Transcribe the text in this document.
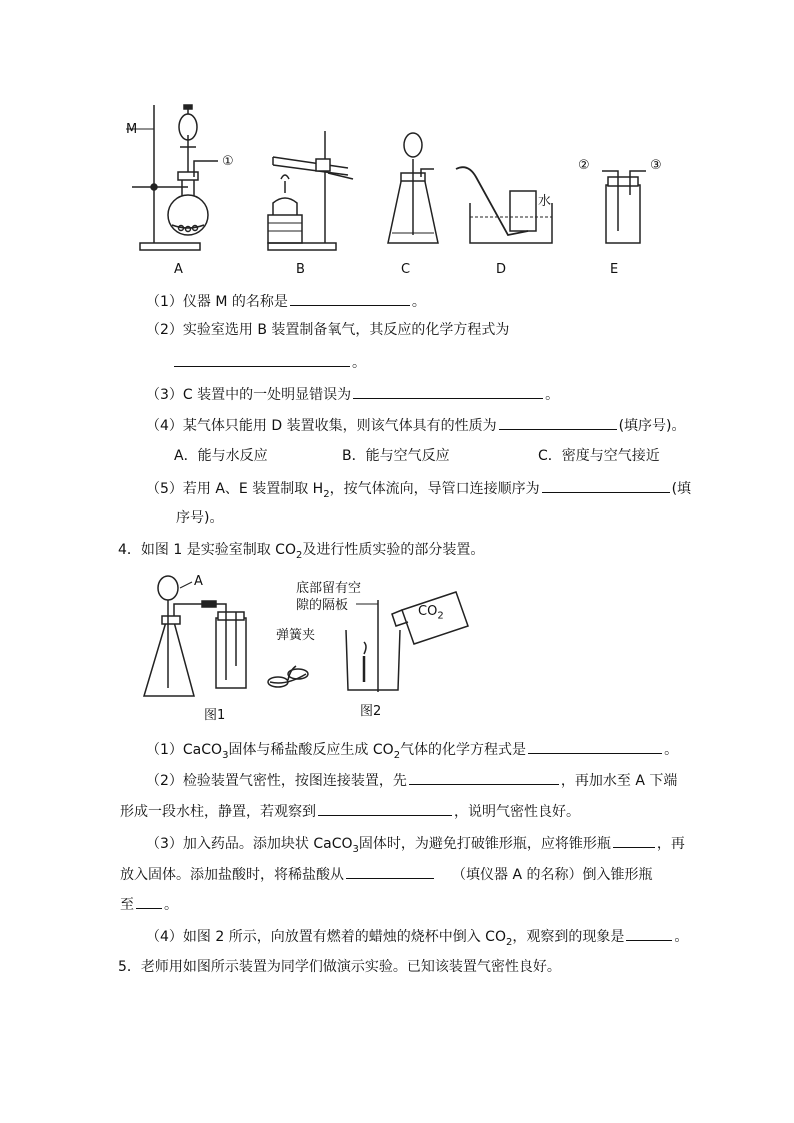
M
①
水
②	③
A	B	C	D	E
（1）仪器 M 的名称是	。
（2）实验室选用 B 装置制备氧气，其反应的化学方程式为
。
（3）C 装置中的一处明显错误为	。
（4）某气体只能用 D 装置收集，则该气体具有的性质为	(填序号)。
A．能与水反应	B．能与空气反应	C．密度与空气接近
（5）若用 A、E 装置制取 $H_2$，按气体流向，导管口连接顺序为	(填
序号)。
4．如图 1 是实验室制取 $CO_2$及进行性质实验的部分装置。
A
弹簧夹
底部留有空
隙的隔板	$CO_2$
图1	图2
（1）CaCO$_3$固体与稀盐酸反应生成 $CO_2$气体的化学方程式是	。
（2）检验装置气密性，按图连接装置，先	，再加水至 A 下端
形成一段水柱，静置，若观察到	，说明气密性良好。
（3）加入药品。添加块状 CaCO$_3$固体时，为避免打破锥形瓶，应将锥形瓶	，再
放入固体。添加盐酸时，将稀盐酸从	（填仪器 A 的名称）倒入锥形瓶
至 。
（4）如图 2 所示，向放置有燃着的蜡烛的烧杯中倒入 $CO_2$，观察到的现象是	。
5．老师用如图所示装置为同学们做演示实验。已知该装置气密性良好。
